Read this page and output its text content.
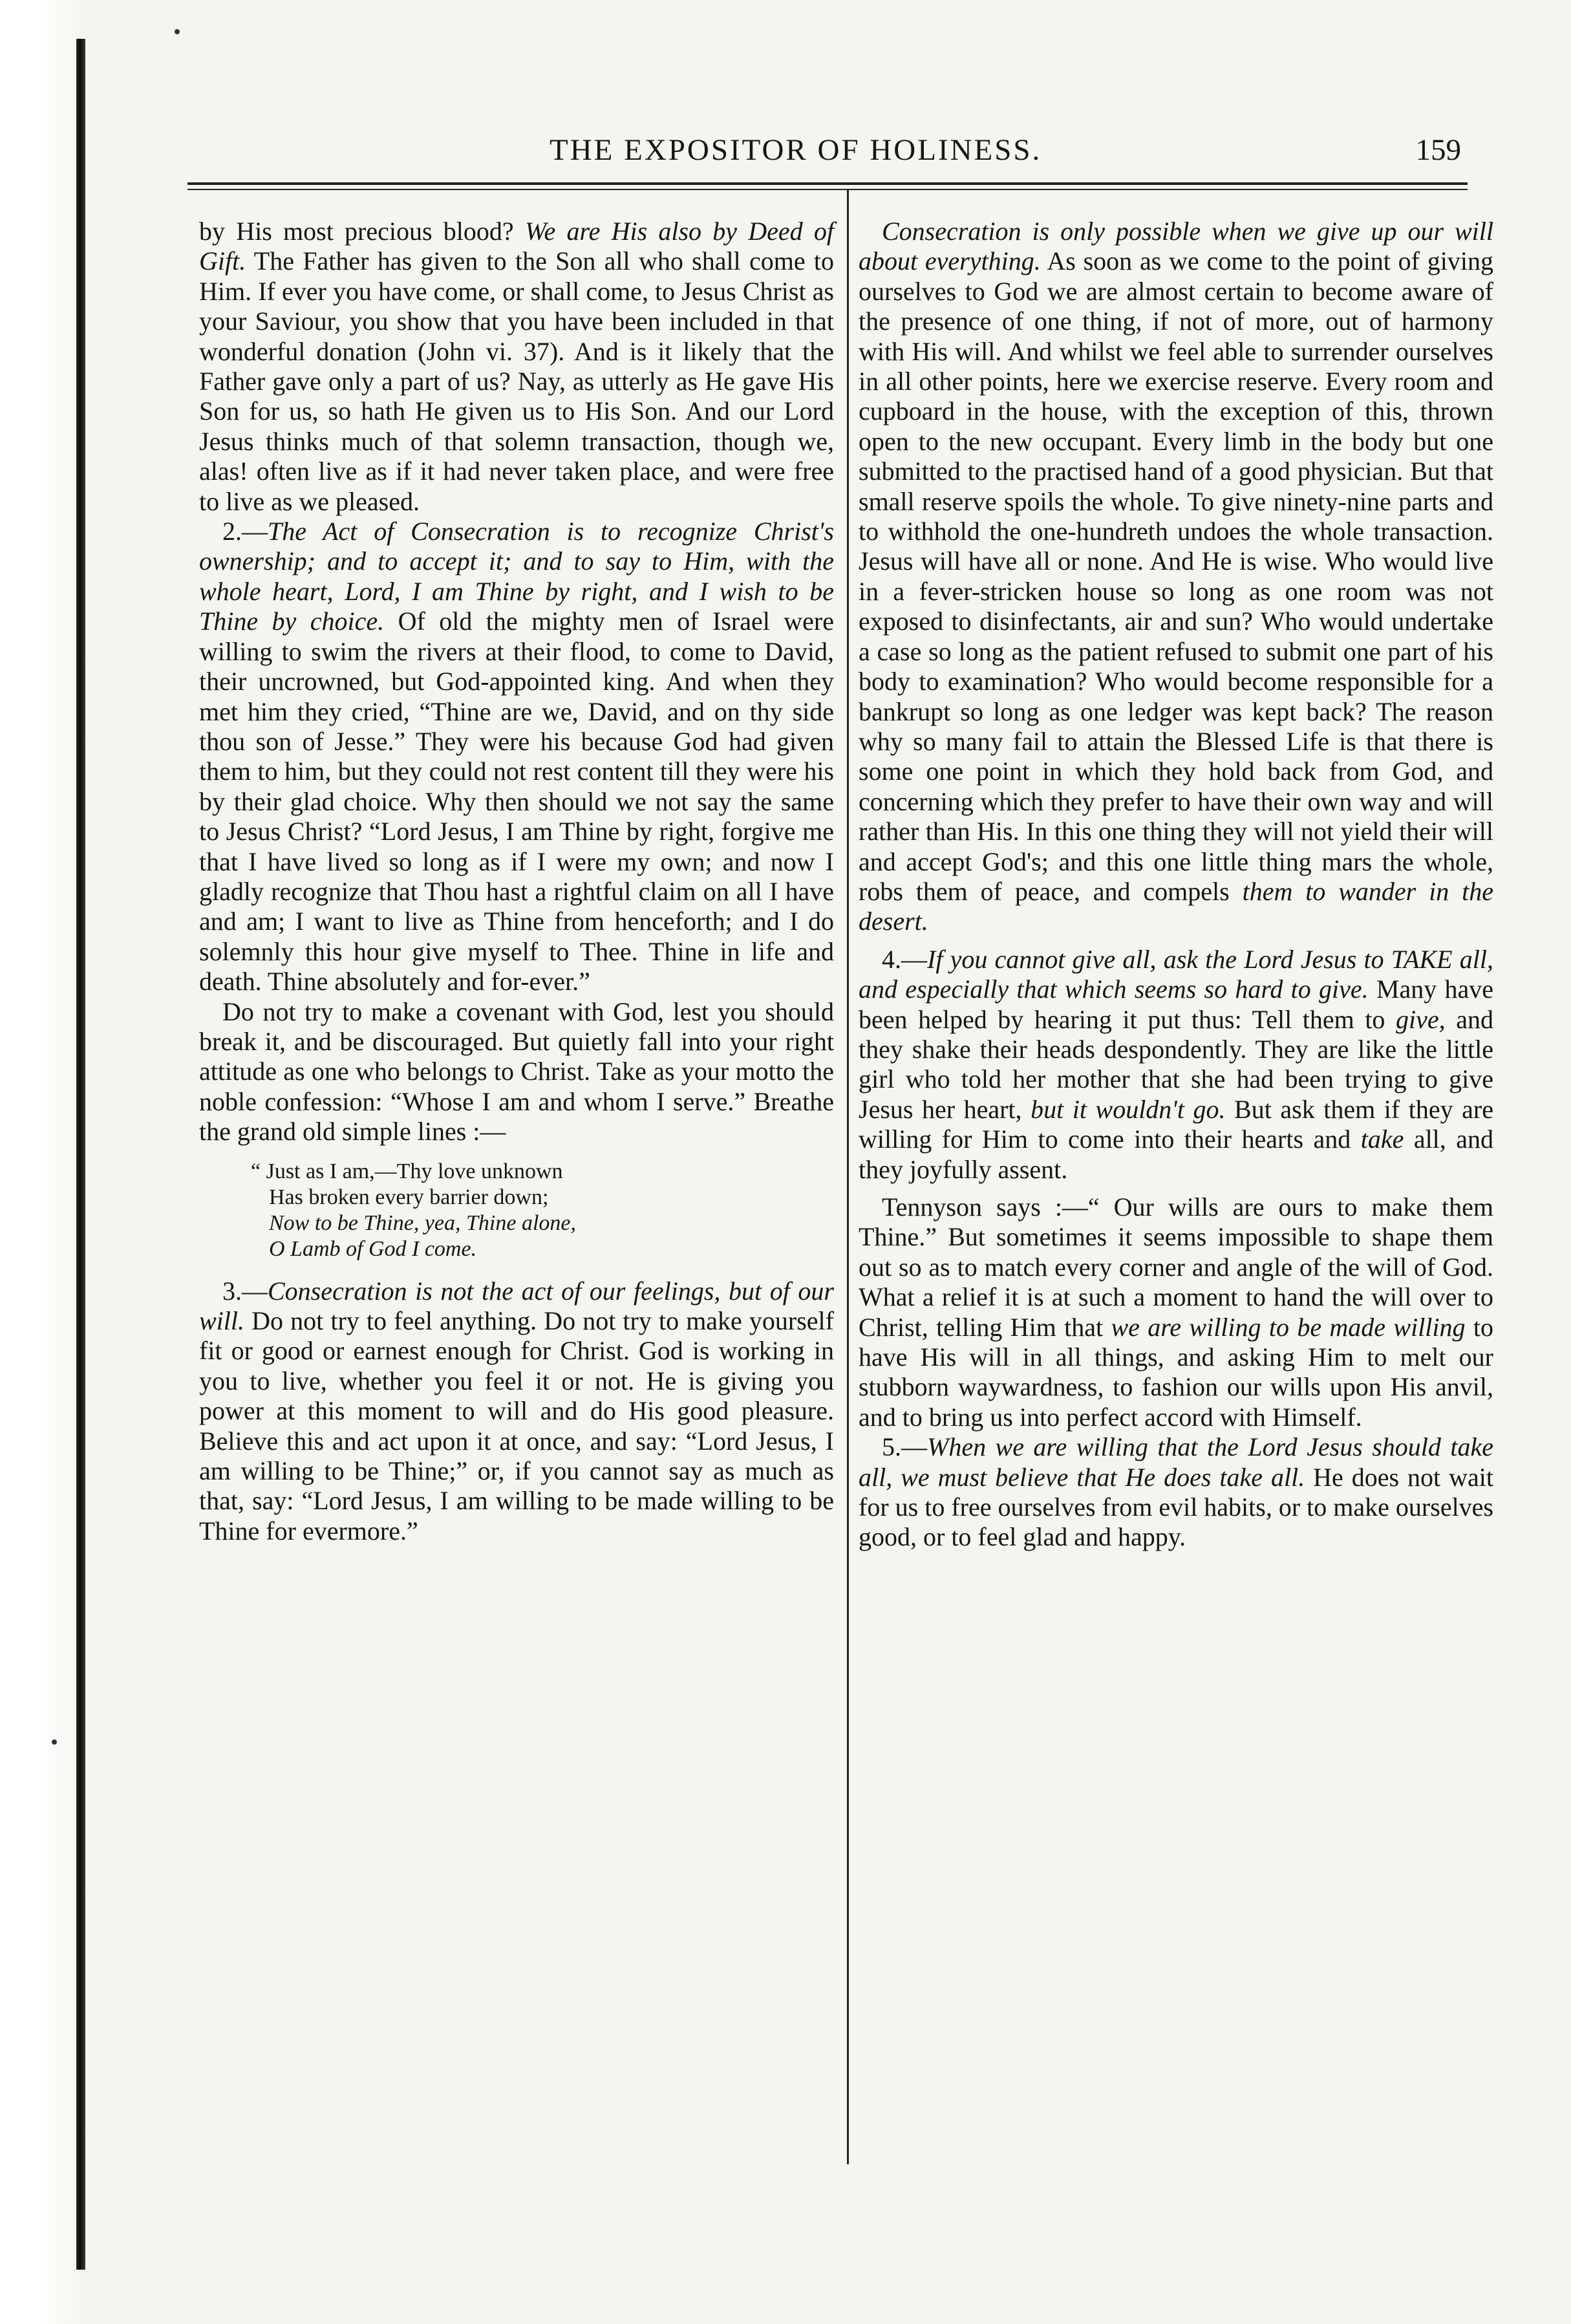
THE EXPOSITOR OF HOLINESS.	159

by His most precious blood? We are His also by Deed of Gift. The Father has given to the Son all who shall come to Him. If ever you have come, or shall come, to Jesus Christ as your Saviour, you show that you have been included in that wonderful donation (John vi. 37). And is it likely that the Father gave only a part of us? Nay, as utterly as He gave His Son for us, so hath He given us to His Son. And our Lord Jesus thinks much of that solemn transaction, though we, alas! often live as if it had never taken place, and were free to live as we pleased.

2.—The Act of Consecration is to recognize Christ's ownership; and to accept it; and to say to Him, with the whole heart, Lord, I am Thine by right, and I wish to be Thine by choice. Of old the mighty men of Israel were willing to swim the rivers at their flood, to come to David, their uncrowned, but God-appointed king. And when they met him they cried, “Thine are we, David, and on thy side thou son of Jesse.” They were his because God had given them to him, but they could not rest content till they were his by their glad choice. Why then should we not say the same to Jesus Christ? “Lord Jesus, I am Thine by right, forgive me that I have lived so long as if I were my own; and now I gladly recognize that Thou hast a rightful claim on all I have and am; I want to live as Thine from henceforth; and I do solemnly this hour give myself to Thee. Thine in life and death. Thine absolutely and for-ever.”

Do not try to make a covenant with God, lest you should break it, and be discouraged. But quietly fall into your right attitude as one who belongs to Christ. Take as your motto the noble confession: “Whose I am and whom I serve.” Breathe the grand old simple lines :—

“ Just as I am,—Thy love unknown
Has broken every barrier down;
Now to be Thine, yea, Thine alone,
O Lamb of God I come.

3.—Consecration is not the act of our feelings, but of our will. Do not try to feel anything. Do not try to make yourself fit or good or earnest enough for Christ. God is working in you to live, whether you feel it or not. He is giving you power at this moment to will and do His good pleasure. Believe this and act upon it at once, and say: “Lord Jesus, I am willing to be Thine;” or, if you cannot say as much as that, say: “Lord Jesus, I am willing to be made willing to be Thine for evermore.”

Consecration is only possible when we give up our will about everything. As soon as we come to the point of giving ourselves to God we are almost certain to become aware of the presence of one thing, if not of more, out of harmony with His will. And whilst we feel able to surrender ourselves in all other points, here we exercise reserve. Every room and cupboard in the house, with the exception of this, thrown open to the new occupant. Every limb in the body but one submitted to the practised hand of a good physician. But that small reserve spoils the whole. To give ninety-nine parts and to withhold the one-hundreth undoes the whole transaction. Jesus will have all or none. And He is wise. Who would live in a fever-stricken house so long as one room was not exposed to disinfectants, air and sun? Who would undertake a case so long as the patient refused to submit one part of his body to examination? Who would become responsible for a bankrupt so long as one ledger was kept back? The reason why so many fail to attain the Blessed Life is that there is some one point in which they hold back from God, and concerning which they prefer to have their own way and will rather than His. In this one thing they will not yield their will and accept God's; and this one little thing mars the whole, robs them of peace, and compels them to wander in the desert.

4.—If you cannot give all, ask the Lord Jesus to TAKE all, and especially that which seems so hard to give. Many have been helped by hearing it put thus: Tell them to give, and they shake their heads despondently. They are like the little girl who told her mother that she had been trying to give Jesus her heart, but it wouldn't go. But ask them if they are willing for Him to come into their hearts and take all, and they joyfully assent.

Tennyson says :—“ Our wills are ours to make them Thine.” But sometimes it seems impossible to shape them out so as to match every corner and angle of the will of God. What a relief it is at such a moment to hand the will over to Christ, telling Him that we are willing to be made willing to have His will in all things, and asking Him to melt our stubborn waywardness, to fashion our wills upon His anvil, and to bring us into perfect accord with Himself.

5.—When we are willing that the Lord Jesus should take all, we must believe that He does take all. He does not wait for us to free ourselves from evil habits, or to make ourselves good, or to feel glad and happy.
